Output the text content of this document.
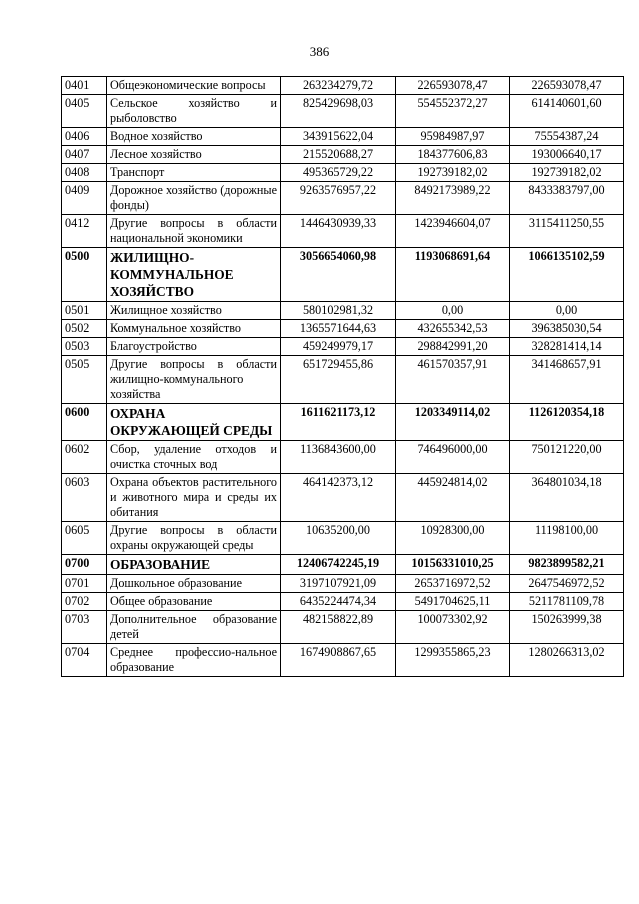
386
0401	Общеэкономические вопросы	263234279,72	226593078,47	226593078,47
0405	Сельское хозяйство и рыболовство	825429698,03	554552372,27	614140601,60
0406	Водное хозяйство	343915622,04	95984987,97	75554387,24
0407	Лесное хозяйство	215520688,27	184377606,83	193006640,17
0408	Транспорт	495365729,22	192739182,02	192739182,02
0409	Дорожное хозяйство (дорожные фонды)	9263576957,22	8492173989,22	8433383797,00
0412	Другие вопросы в области национальной экономики	1446430939,33	1423946604,07	3115411250,55
0500	ЖИЛИЩНО-КОММУНАЛЬНОЕ ХОЗЯЙСТВО	3056654060,98	1193068691,64	1066135102,59
0501	Жилищное хозяйство	580102981,32	0,00	0,00
0502	Коммунальное хозяйство	1365571644,63	432655342,53	396385030,54
0503	Благоустройство	459249979,17	298842991,20	328281414,14
0505	Другие вопросы в области жилищно-коммунального хозяйства	651729455,86	461570357,91	341468657,91
0600	ОХРАНА ОКРУЖАЮЩЕЙ СРЕДЫ	1611621173,12	1203349114,02	1126120354,18
0602	Сбор, удаление отходов и очистка сточных вод	1136843600,00	746496000,00	750121220,00
0603	Охрана объектов растительного и животного мира и среды их обитания	464142373,12	445924814,02	364801034,18
0605	Другие вопросы в области охраны окружающей среды	10635200,00	10928300,00	11198100,00
0700	ОБРАЗОВАНИЕ	12406742245,19	10156331010,25	9823899582,21
0701	Дошкольное образование	3197107921,09	2653716972,52	2647546972,52
0702	Общее образование	6435224474,34	5491704625,11	5211781109,78
0703	Дополнительное образование детей	482158822,89	100073302,92	150263999,38
0704	Среднее профессио-нальное образование	1674908867,65	1299355865,23	1280266313,02
